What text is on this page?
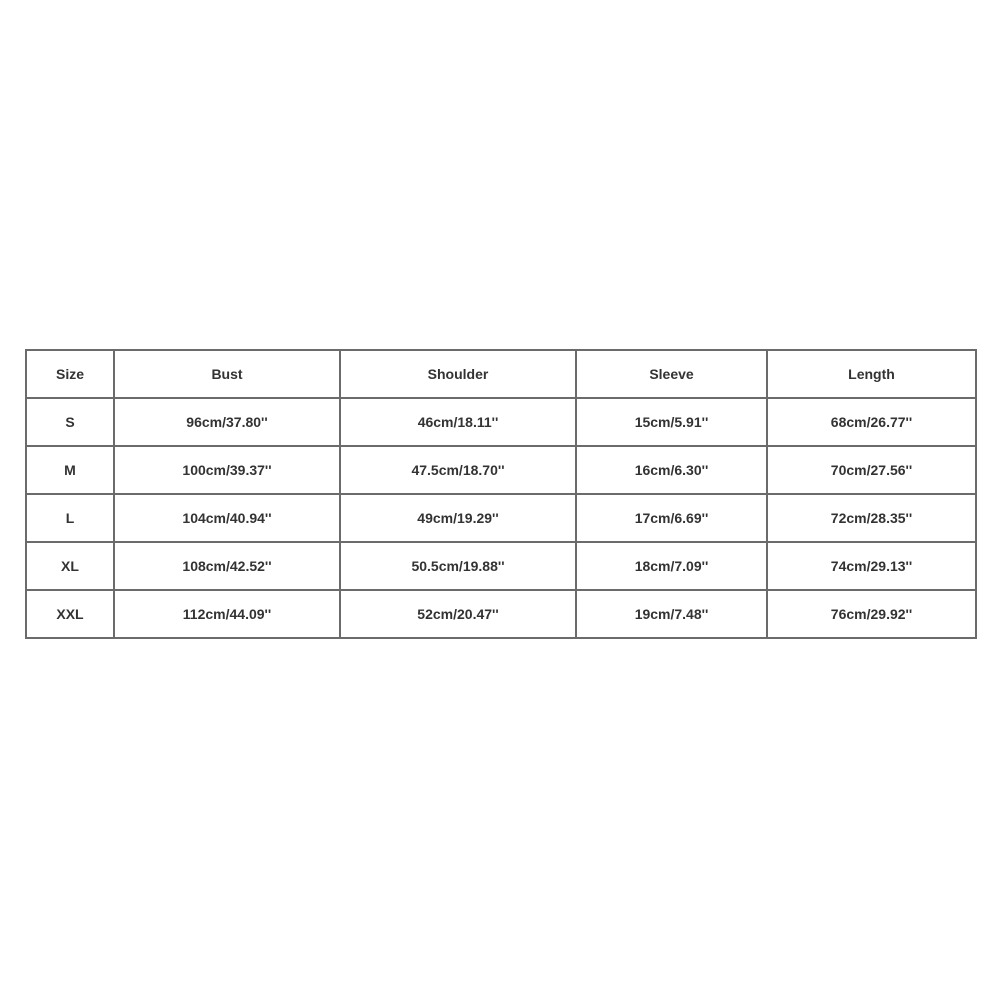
Size	Bust	Shoulder	Sleeve	Length
S	96cm/37.80''	46cm/18.11''	15cm/5.91''	68cm/26.77''
M	100cm/39.37''	47.5cm/18.70''	16cm/6.30''	70cm/27.56''
L	104cm/40.94''	49cm/19.29''	17cm/6.69''	72cm/28.35''
XL	108cm/42.52''	50.5cm/19.88''	18cm/7.09''	74cm/29.13''
XXL	112cm/44.09''	52cm/20.47''	19cm/7.48''	76cm/29.92''
